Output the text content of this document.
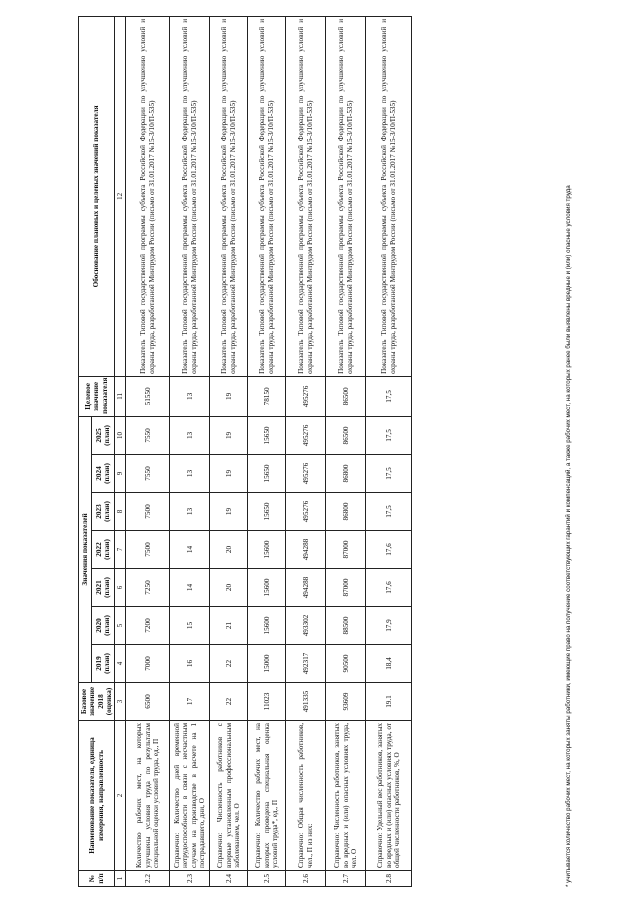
№ п/п	Наименование показателя, единица измерения, направленность	Базовое значение 2018 (оценка)	Значения показателей							Целевое значение показателя	Обоснование плановых и целевых значений показателя
			2019 (план)	2020 (план)	2021 (план)	2022 (план)	2023 (план)	2024 (план)	2025 (план)		
1	2	3	4	5	6	7	8	9	10	11	12
2.2	Количество рабочих мест, на которых улучшены условия труда по результатам специальной оценки условий труда, ед., П	6500	7000	7200	7250	7500	7500	7550	7550	51550	Показатель Типовой государственной программы субъекта Российской Федерации по улучшению условий и охраны труда, разработанной Минтрудом России (письмо от 31.01.2017 №15-3/10/П-535)
2.3	Справочно: Количество дней временной нетрудоспособности в связи с несчастным случаем на производстве в расчете на 1 пострадавшего, дни, О	17	16	15	14	14	13	13	13	13	Показатель Типовой государственной программы субъекта Российской Федерации по улучшению условий и охраны труда, разработанной Минтрудом России (письмо от 31.01.2017 №15-3/10/П-535)
2.4	Справочно: Численность работников с впервые установленным профессиональным заболеванием, чел. О	22	22	21	20	20	19	19	19	19	Показатель Типовой государственной программы субъекта Российской Федерации по улучшению условий и охраны труда, разработанной Минтрудом России (письмо от 31.01.2017 №15-3/10/П-535)
2.5	Справочно: Количество рабочих мест, на которых проведена специальная оценка условий труда*, ед., П	11023	15000	15600	15600	15600	15650	15650	15650	78150	Показатель Типовой государственной программы субъекта Российской Федерации по улучшению условий и охраны труда, разработанной Минтрудом России (письмо от 31.01.2017 №15-3/10/П-535)
2.6	Справочно: Общая численность работников, чел., П из них:	491335	492317	493302	494288	494288	495276	495276	495276	495276	Показатель Типовой государственной программы субъекта Российской Федерации по улучшению условий и охраны труда, разработанной Минтрудом России (письмо от 31.01.2017 №15-3/10/П-535)
2.7	Справочно: Численность работников, занятых во вредных и (или) опасных условиях труда, чел. О	93609	90500	88500	87000	87000	86800	86800	86500	86500	Показатель Типовой государственной программы субъекта Российской Федерации по улучшению условий и охраны труда, разработанной Минтрудом России (письмо от 31.01.2017 №15-3/10/П-535)
2.8	Справочно: Удельный вес работников, занятых во вредных и (или) опасных условиях труда, от общей численности работников, %, О	19.1	18,4	17,9	17,6	17,6	17,5	17,5	17,5	17,5	Показатель Типовой государственной программы субъекта Российской Федерации по улучшению условий и охраны труда, разработанной Минтрудом России (письмо от 31.01.2017 №15-3/10/П-535)	* учитывается количество рабочих мест, на которых заняты работники, имеющие право на получение соответствующих гарантий и компенсаций, а также рабочих мест, на которых ранее были выявлены вредные и (или) опасные условия труда
